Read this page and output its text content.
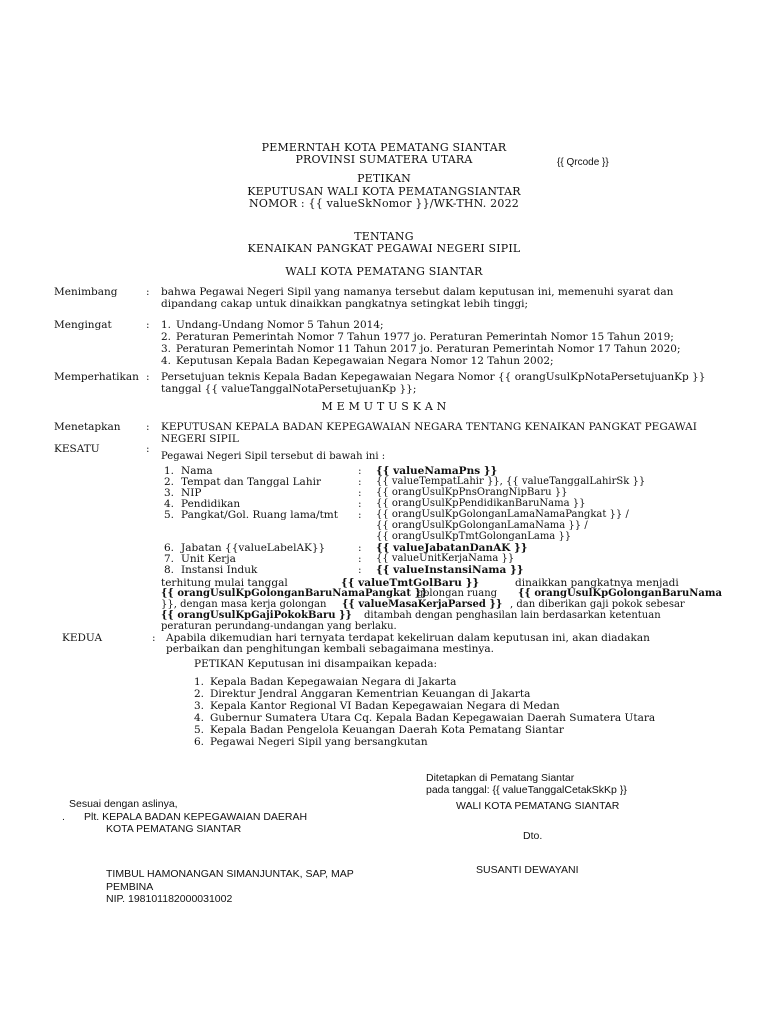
PEMERNTAH KOTA PEMATANG SIANTAR
PROVINSI SUMATERA UTARA	{{ Qrcode }}
PETIKAN
KEPUTUSAN WALI KOTA PEMATANGSIANTAR
NOMOR : {{ valueSkNomor }}/WK-THN. 2022
TENTANG
KENAIKAN PANGKAT PEGAWAI NEGERI SIPIL
WALI KOTA PEMATANG SIANTAR
Menimbang	: bahwa Pegawai Negeri Sipil yang namanya tersebut dalam keputusan ini, memenuhi syarat dan
dipandang cakap untuk dinaikkan pangkatnya setingkat lebih tinggi;
Mengingat	: 1. Undang-Undang Nomor 5 Tahun 2014;
2. Peraturan Pemerintah Nomor 7 Tahun 1977 jo. Peraturan Pemerintah Nomor 15 Tahun 2019;
3. Peraturan Pemerintah Nomor 11 Tahun 2017 jo. Peraturan Pemerintah Nomor 17 Tahun 2020;
4. Keputusan Kepala Badan Kepegawaian Negara Nomor 12 Tahun 2002;
Memperhatikan : Persetujuan teknis Kepala Badan Kepegawaian Negara Nomor {{ orangUsulKpNotaPersetujuanKp }}
tanggal {{ valueTanggalNotaPersetujuanKp }};
M E M U T U S K A N
Menetapkan : KEPUTUSAN KEPALA BADAN KEPEGAWAIAN NEGARA TENTANG KENAIKAN PANGKAT PEGAWAI
NEGERI SIPIL
KESATU	:
Pegawai Negeri Sipil tersebut di bawah ini :
1. Nama	: {{ valueNamaPns }}
2. Tempat dan Tanggal Lahir	: {{ valueTempatLahir }}, {{ valueTanggalLahirSk }}
3. NIP	: {{ orangUsulKpPnsOrangNipBaru }}
4. Pendidikan	: {{ orangUsulKpPendidikanBaruNama }}
5. Pangkat/Gol. Ruang lama/tmt : {{ orangUsulKpGolonganLamaNamaPangkat }} /
{{ orangUsulKpGolonganLamaNama }} /
{{ orangUsulKpTmtGolonganLama }}
6. Jabatan {{valueLabelAK}}	: {{ valueJabatanDanAK }}
7. Unit Kerja	: {{ valueUnitKerjaNama }}
8. Instansi Induk	: {{ valueInstansiNama }}
terhitung mulai tanggal	{{ valueTmtGolBaru }}	dinaikkan pangkatnya menjadi
{{ orangUsulKpGolonganBaruNamaPangkat }}
golongan ruang {{ orangUsulKpGolonganBaruNama
}}, dengan masa kerja golongan {{ valueMasaKerjaParsed }} , dan diberikan gaji pokok sebesar
{{ orangUsulKpGajiPokokBaru }} ditambah dengan penghasilan lain berdasarkan ketentuan
peraturan perundang-undangan yang berlaku.
KEDUA	: Apabila dikemudian hari ternyata terdapat kekeliruan dalam keputusan ini, akan diadakan
perbaikan dan penghitungan kembali sebagaimana mestinya.
PETIKAN Keputusan ini disampaikan kepada:
1. Kepala Badan Kepegawaian Negara di Jakarta
2. Direktur Jendral Anggaran Kementrian Keuangan di Jakarta
3. Kepala Kantor Regional VI Badan Kepegawaian Negara di Medan
4. Gubernur Sumatera Utara Cq. Kepala Badan Kepegawaian Daerah Sumatera Utara
5. Kepala Badan Pengelola Keuangan Daerah Kota Pematang Siantar
6. Pegawai Negeri Sipil yang bersangkutan
Ditetapkan di Pematang Siantar
pada tanggal: {{ valueTanggalCetakSkKp }}
WALI KOTA PEMATANG SIANTAR
Dto.
SUSANTI DEWAYANI
Sesuai dengan aslinya,
. Plt. KEPALA BADAN KEPEGAWAIAN DAERAH
KOTA PEMATANG SIANTAR
TIMBUL HAMONANGAN SIMANJUNTAK, SAP, MAP
PEMBINA
NIP. 198101182000031002
